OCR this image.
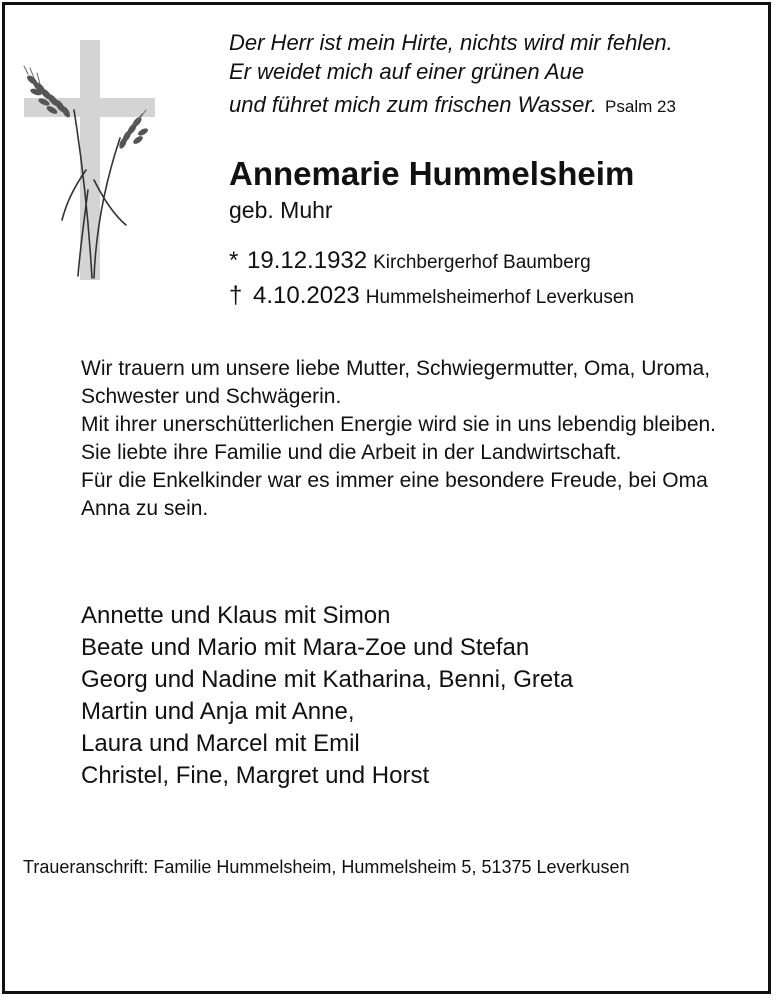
Der Herr ist mein Hirte, nichts wird mir fehlen.
Er weidet mich auf einer grünen Aue
und führet mich zum frischen Wasser. Psalm 23
Annemarie Hummelsheim
geb. Muhr
* 19.12.1932 Kirchbergerhof Baumberg
† 4.10.2023 Hummelsheimerhof Leverkusen

Wir trauern um unsere liebe Mutter, Schwiegermutter, Oma, Uroma, Schwester und Schwägerin.

Mit ihrer unerschütterlichen Energie wird sie in uns lebendig bleiben.

Sie liebte ihre Familie und die Arbeit in der Landwirtschaft.

Für die Enkelkinder war es immer eine besondere Freude, bei Oma Anna zu sein.

Annette und Klaus mit Simon
Beate und Mario mit Mara-Zoe und Stefan
Georg und Nadine mit Katharina, Benni, Greta
Martin und Anja mit Anne,
Laura und Marcel mit Emil
Christel, Fine, Margret und Horst
Traueranschrift: Familie Hummelsheim, Hummelsheim 5, 51375 Leverkusen
